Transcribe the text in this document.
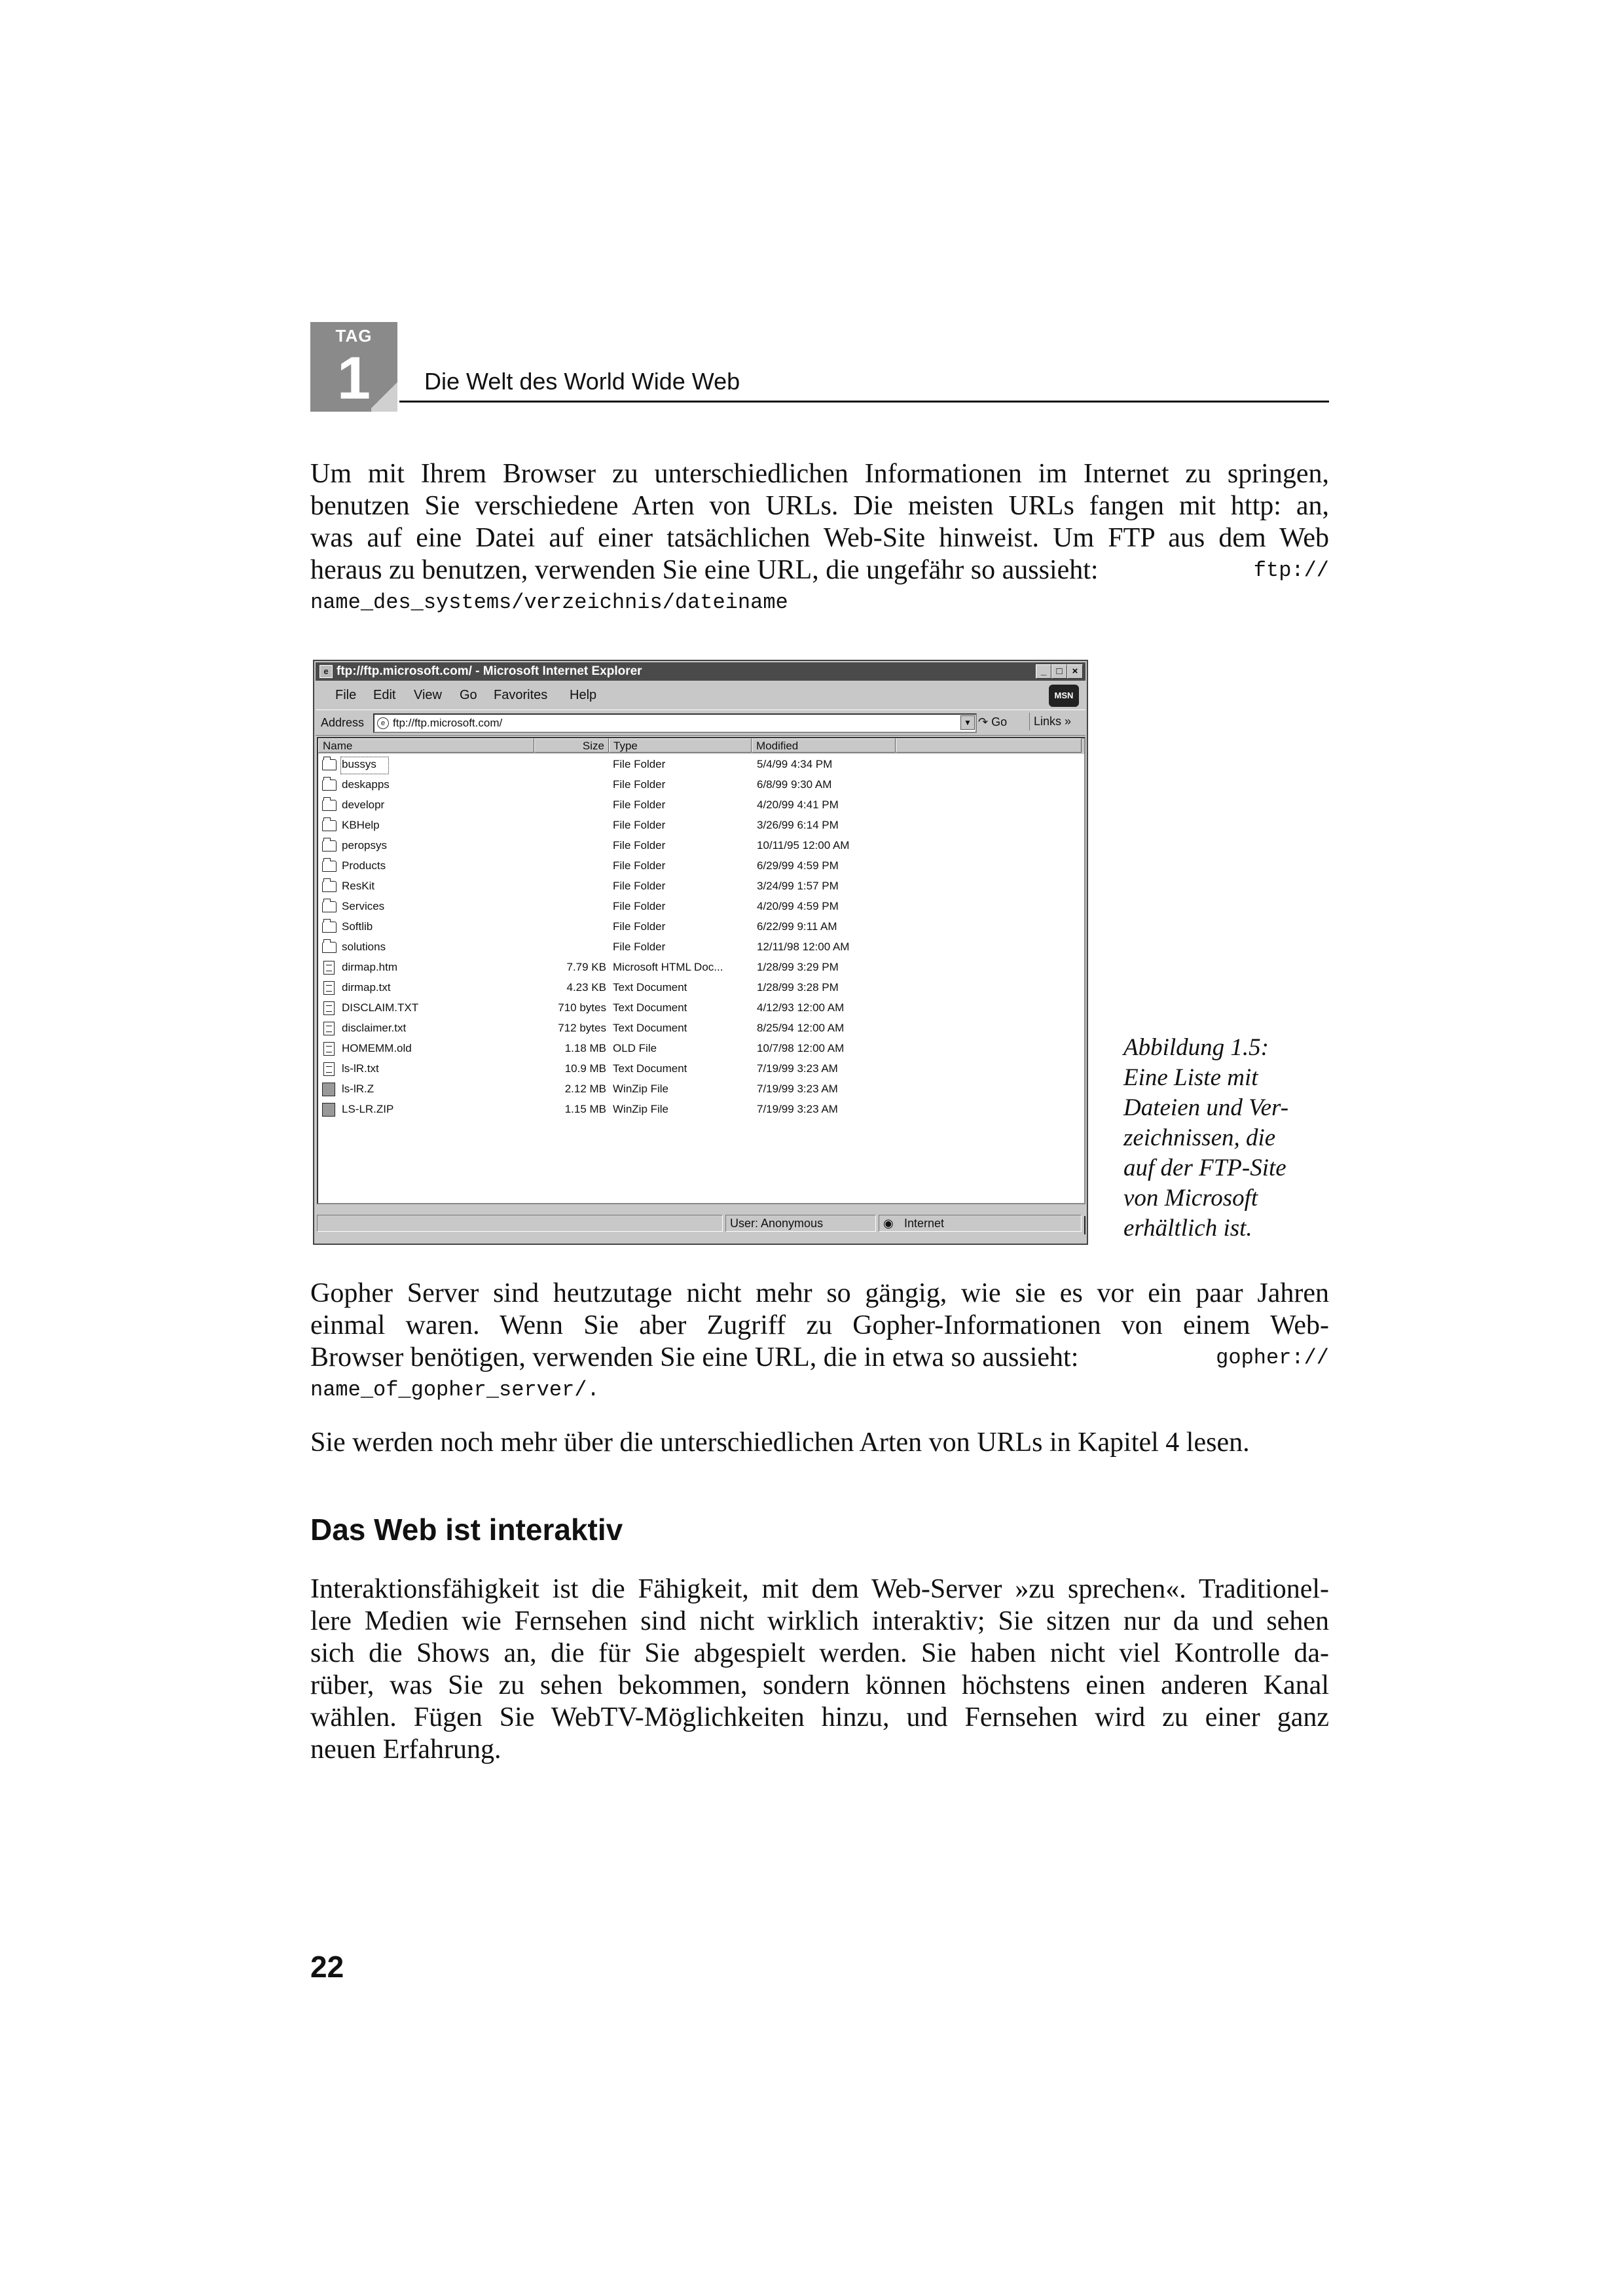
TAG
1	Die Welt des World Wide Web
Um mit Ihrem Browser zu unterschiedlichen Informationen im Internet zu springen,
benutzen Sie verschiedene Arten von URLs. Die meisten URLs fangen mit http: an,
was auf eine Datei auf einer tatsächlichen Web-Site hinweist. Um FTP aus dem Web
heraus zu benutzen, verwenden Sie eine URL, die ungefähr so aussieht:	ftp://
name_des_systems/verzeichnis/dateiname
e ftp://ftp.microsoft.com/ - Microsoft Internet Explorer	_	□	×
File Edit View Go Favorites Help	MSN
Address	e ftp://ftp.microsoft.com/	▼ ↷ Go	Links »
Name	Size Type	Modified
bussys	File Folder	5/4/99 4:34 PM
deskapps	File Folder	6/8/99 9:30 AM
developr	File Folder	4/20/99 4:41 PM
KBHelp	File Folder	3/26/99 6:14 PM
peropsys	File Folder	10/11/95 12:00 AM
Products	File Folder	6/29/99 4:59 PM
ResKit	File Folder	3/24/99 1:57 PM
Services	File Folder	4/20/99 4:59 PM
Softlib	File Folder	6/22/99 9:11 AM
solutions	File Folder	12/11/98 12:00 AM
dirmap.htm	7.79 KB Microsoft HTML Doc...	1/28/99 3:29 PM
dirmap.txt	4.23 KB Text Document	1/28/99 3:28 PM
DISCLAIM.TXT	710 bytes Text Document	4/12/93 12:00 AM
disclaimer.txt	712 bytes Text Document	8/25/94 12:00 AM
HOMEMM.old	1.18 MB OLD File	10/7/98 12:00 AM
ls-lR.txt	10.9 MB Text Document	7/19/99 3:23 AM
ls-lR.Z	2.12 MB WinZip File	7/19/99 3:23 AM
LS-LR.ZIP	1.15 MB WinZip File	7/19/99 3:23 AM
User: Anonymous	◉ Internet
Abbildung 1.5:
Eine Liste mit
Dateien und Ver-
zeichnissen, die
auf der FTP-Site
von Microsoft
erhältlich ist.
Gopher Server sind heutzutage nicht mehr so gängig, wie sie es vor ein paar Jahren
einmal waren. Wenn Sie aber Zugriff zu Gopher-Informationen von einem Web-
Browser benötigen, verwenden Sie eine URL, die in etwa so aussieht:	gopher://
name_of_gopher_server/.
Sie werden noch mehr über die unterschiedlichen Arten von URLs in Kapitel 4 lesen.
Das Web ist interaktiv
Interaktionsfähigkeit ist die Fähigkeit, mit dem Web-Server »zu sprechen«. Traditionel-
lere Medien wie Fernsehen sind nicht wirklich interaktiv; Sie sitzen nur da und sehen
sich die Shows an, die für Sie abgespielt werden. Sie haben nicht viel Kontrolle da-
rüber, was Sie zu sehen bekommen, sondern können höchstens einen anderen Kanal
wählen. Fügen Sie WebTV-Möglichkeiten hinzu, und Fernsehen wird zu einer ganz
neuen Erfahrung.
22
